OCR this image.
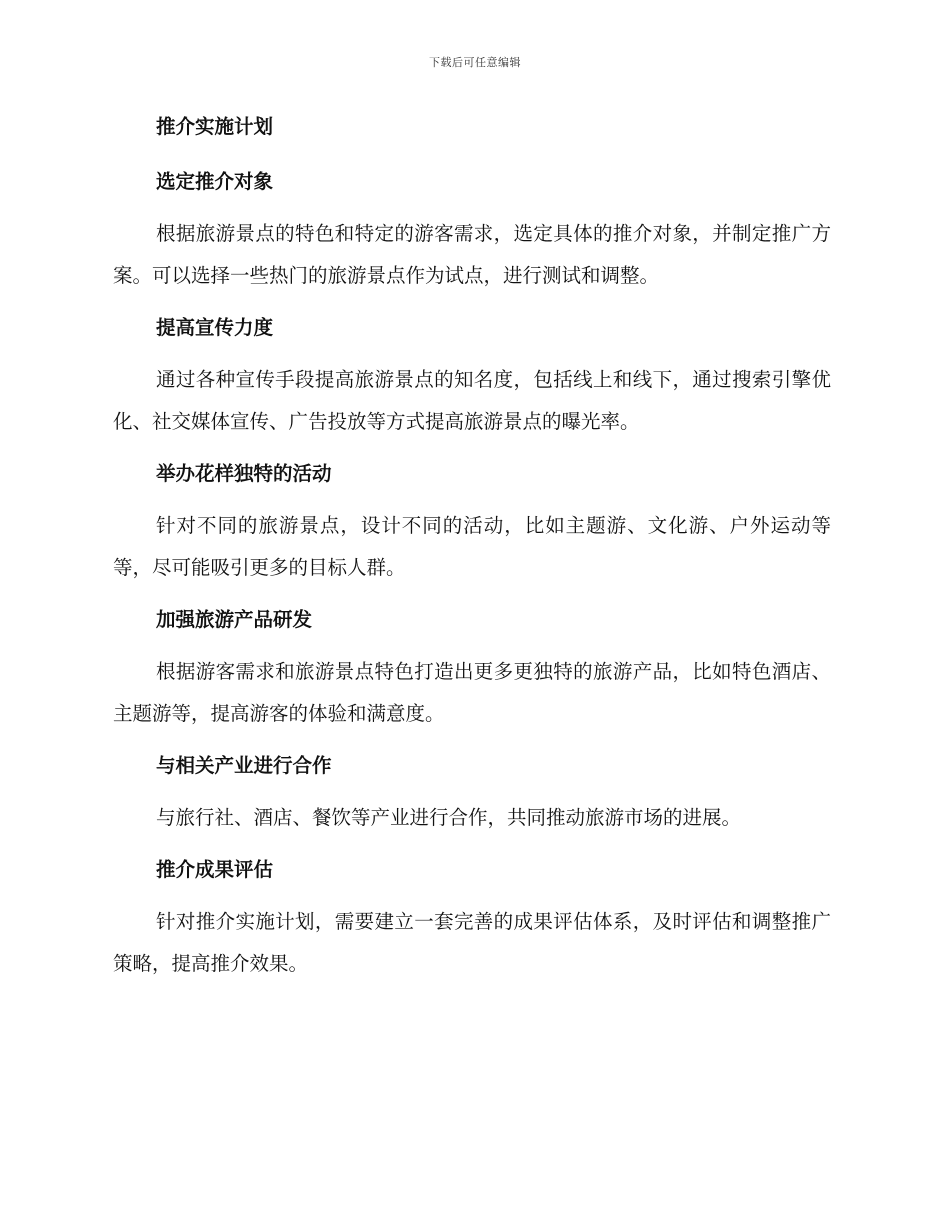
下载后可任意编辑
推介实施计划
选定推介对象

根据旅游景点的特色和特定的游客需求，选定具体的推介对象，并制定推广方案。可以选择一些热门的旅游景点作为试点，进行测试和调整。

提高宣传力度

通过各种宣传手段提高旅游景点的知名度，包括线上和线下，通过搜索引擎优化、社交媒体宣传、广告投放等方式提高旅游景点的曝光率。

举办花样独特的活动

针对不同的旅游景点，设计不同的活动，比如主题游、文化游、户外运动等等，尽可能吸引更多的目标人群。

加强旅游产品研发

根据游客需求和旅游景点特色打造出更多更独特的旅游产品，比如特色酒店、主题游等，提高游客的体验和满意度。

与相关产业进行合作

与旅行社、酒店、餐饮等产业进行合作，共同推动旅游市场的进展。

推介成果评估

针对推介实施计划，需要建立一套完善的成果评估体系，及时评估和调整推广策略，提高推介效果。
